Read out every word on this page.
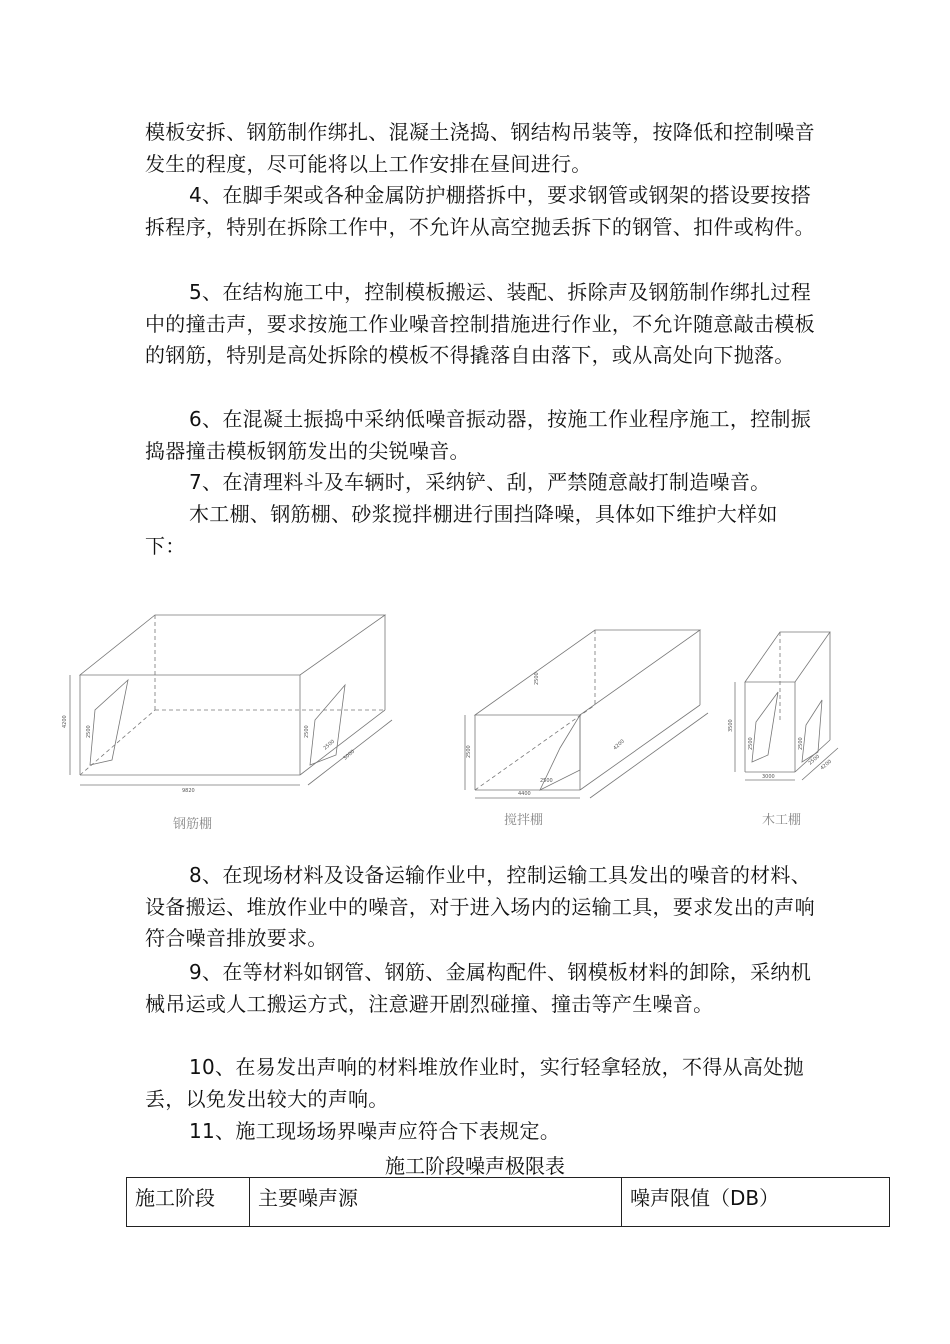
模板安拆、钢筋制作绑扎、混凝土浇捣、钢结构吊装等，按降低和控制噪音发生的程度，尽可能将以上工作安排在昼间进行。

4、在脚手架或各种金属防护棚搭拆中，要求钢管或钢架的搭设要按搭拆程序，特别在拆除工作中，不允许从高空抛丢拆下的钢管、扣件或构件。

5、在结构施工中，控制模板搬运、装配、拆除声及钢筋制作绑扎过程中的撞击声，要求按施工作业噪音控制措施进行作业，不允许随意敲击模板的钢筋，特别是高处拆除的模板不得撬落自由落下，或从高处向下抛落。

6、在混凝土振捣中采纳低噪音振动器，按施工作业程序施工，控制振捣器撞击模板钢筋发出的尖锐噪音。

7、在清理料斗及车辆时，采纳铲、刮，严禁随意敲打制造噪音。

木工棚、钢筋棚、砂浆搅拌棚进行围挡降噪，具体如下维护大样如下：

4200
2500
9820
2500
2500
5000	2500
2500
2500
4400
4200
3500
2500	2500
3000
2500
4200
钢筋棚	搅拌棚	木工棚

8、在现场材料及设备运输作业中，控制运输工具发出的噪音的材料、设备搬运、堆放作业中的噪音，对于进入场内的运输工具，要求发出的声响符合噪音排放要求。

9、在等材料如钢管、钢筋、金属构配件、钢模板材料的卸除，采纳机械吊运或人工搬运方式，注意避开剧烈碰撞、撞击等产生噪音。

10、在易发出声响的材料堆放作业时，实行轻拿轻放，不得从高处抛丢，以免发出较大的声响。

11、施工现场场界噪声应符合下表规定。

施工阶段噪声极限表

施工阶段	主要噪声源	噪声限值（DB）
